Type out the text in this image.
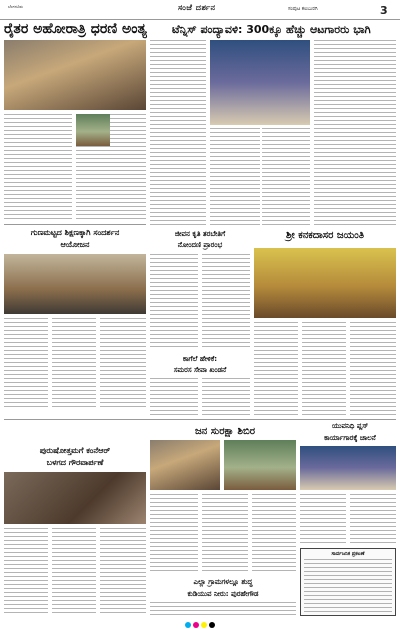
ಬೆಂಗಳೂರು	ಸಂಜೆ ದರ್ಶನ	ಸಂಪುಟ ಕಲಬುರಗಿ	3
ರೈತರ ಅಹೋರಾತ್ರಿ ಧರಣಿ ಅಂತ್ಯ ಟೆನ್ನಿಸ್ ಪಂದ್ಯಾವಳಿ: 300ಕ್ಕೂ ಹೆಚ್ಚು ಆಟಗಾರರು ಭಾಗಿ
ಗುಣಮಟ್ಟದ ಶಿಕ್ಷಣಕ್ಕಾಗಿ ಸಂದರ್ಶನ
ಆಯೋಜನ
ಜೀವನ ಕೃತಿ ತರಬೇತಿಗೆ
ನೋಂದಣಿ ಪ್ರಾರಂಭ
ಶ್ರೀ ಕನಕದಾಸರ ಜಯಂತಿ
ಕಾಗೆಲೆ ಹೇಳಿಕೆ:
ಸಮರಸ ಸೇವಾ ಖಂಡನೆ
ಜನ ಸುರಕ್ಷಾ ಶಿಬಿರ	ಯುವನಿಧಿ ಪ್ಲಸ್
ಕಾರ್ಯಾಗಾರಕ್ಕೆ ಚಾಲನೆ
ಪುರುಷೋತ್ತಮಗೆ ಕಂನೆಆರ್
ಬಳಗದ ಗೌರವಾರ್ಪಣೆ
ಸಾರ್ವಜನಿಕ ಪ್ರಕಟಣೆ
ಎಲ್ಲಾ ಗ್ರಾಮಗಳಲ್ಲೂ ಶುದ್ಧ
ಕುಡಿಯುವ ನೀರು: ಪುರಹೇಗೌಡ
